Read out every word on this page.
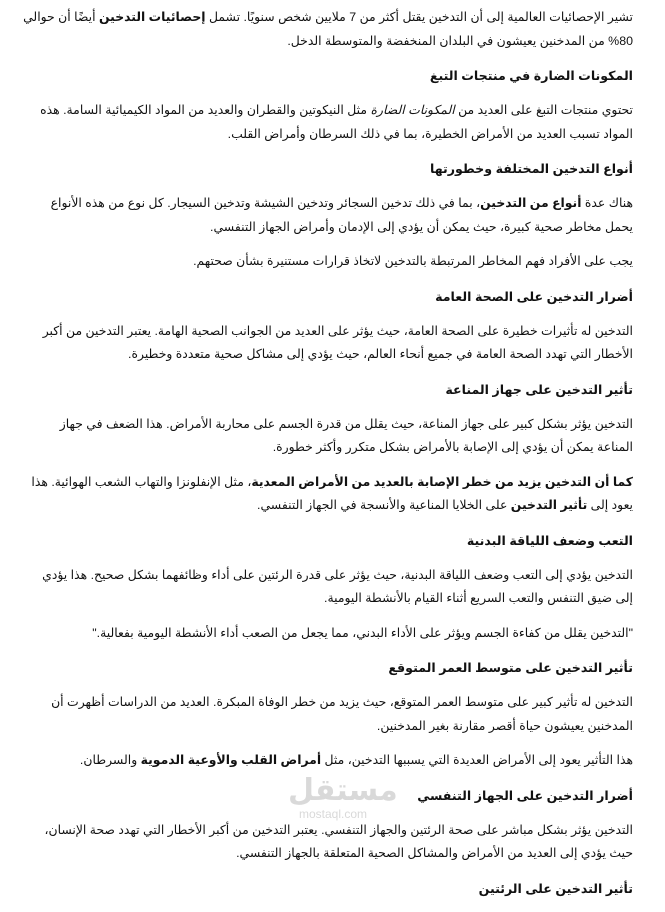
تشير الإحصائيات العالمية إلى أن التدخين يقتل أكثر من 7 ملايين شخص سنويًا. تشمل إحصائيات التدخين أيضًا أن حوالي 80% من المدخنين يعيشون في البلدان المنخفضة والمتوسطة الدخل.

المكونات الضارة في منتجات التبغ

تحتوي منتجات التبغ على العديد من المكونات الضارة مثل النيكوتين والقطران والعديد من المواد الكيميائية السامة. هذه المواد تسبب العديد من الأمراض الخطيرة، بما في ذلك السرطان وأمراض القلب.

أنواع التدخين المختلفة وخطورتها

هناك عدة أنواع من التدخين، بما في ذلك تدخين السجائر وتدخين الشيشة وتدخين السيجار. كل نوع من هذه الأنواع يحمل مخاطر صحية كبيرة، حيث يمكن أن يؤدي إلى الإدمان وأمراض الجهاز التنفسي.

يجب على الأفراد فهم المخاطر المرتبطة بالتدخين لاتخاذ قرارات مستنيرة بشأن صحتهم.

أضرار التدخين على الصحة العامة

التدخين له تأثيرات خطيرة على الصحة العامة، حيث يؤثر على العديد من الجوانب الصحية الهامة. يعتبر التدخين من أكبر الأخطار التي تهدد الصحة العامة في جميع أنحاء العالم، حيث يؤدي إلى مشاكل صحية متعددة وخطيرة.

تأثير التدخين على جهاز المناعة

التدخين يؤثر بشكل كبير على جهاز المناعة، حيث يقلل من قدرة الجسم على محاربة الأمراض. هذا الضعف في جهاز المناعة يمكن أن يؤدي إلى الإصابة بالأمراض بشكل متكرر وأكثر خطورة.

كما أن التدخين يزيد من خطر الإصابة بالعديد من الأمراض المعدية، مثل الإنفلونزا والتهاب الشعب الهوائية. هذا يعود إلى تأثير التدخين على الخلايا المناعية والأنسجة في الجهاز التنفسي.

التعب وضعف اللياقة البدنية

التدخين يؤدي إلى التعب وضعف اللياقة البدنية، حيث يؤثر على قدرة الرئتين على أداء وظائفهما بشكل صحيح. هذا يؤدي إلى ضيق التنفس والتعب السريع أثناء القيام بالأنشطة اليومية.

"التدخين يقلل من كفاءة الجسم ويؤثر على الأداء البدني، مما يجعل من الصعب أداء الأنشطة اليومية بفعالية."

تأثير التدخين على متوسط العمر المتوقع

التدخين له تأثير كبير على متوسط العمر المتوقع، حيث يزيد من خطر الوفاة المبكرة. العديد من الدراسات أظهرت أن المدخنين يعيشون حياة أقصر مقارنة بغير المدخنين.

هذا التأثير يعود إلى الأمراض العديدة التي يسببها التدخين، مثل أمراض القلب والأوعية الدموية والسرطان.

أضرار التدخين على الجهاز التنفسي

التدخين يؤثر بشكل مباشر على صحة الرئتين والجهاز التنفسي. يعتبر التدخين من أكبر الأخطار التي تهدد صحة الإنسان، حيث يؤدي إلى العديد من الأمراض والمشاكل الصحية المتعلقة بالجهاز التنفسي.

تأثير التدخين على الرئتين
مستقل
mostaql.com
